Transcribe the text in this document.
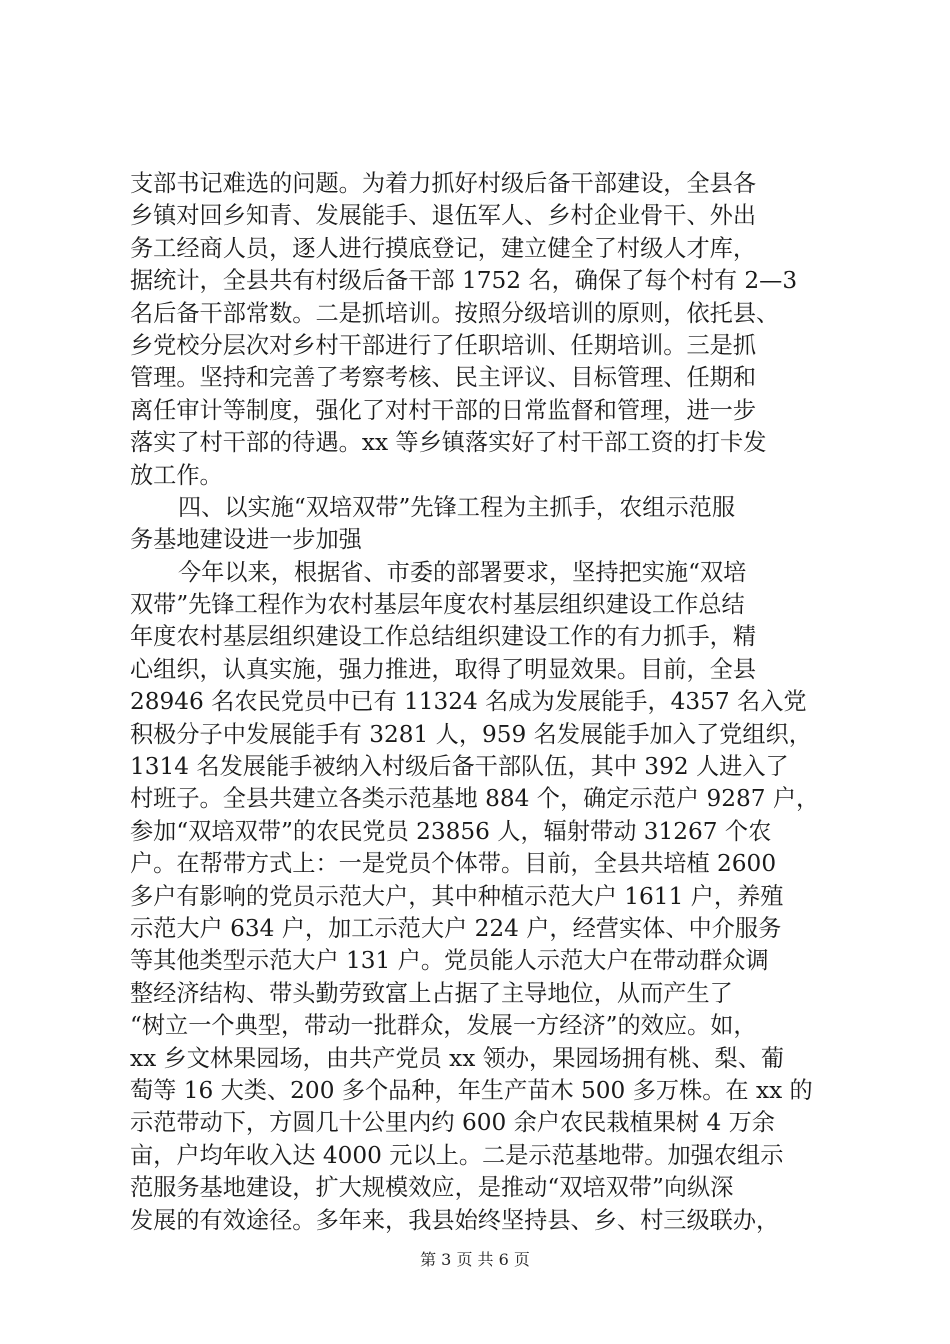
支部书记难选的问题。为着力抓好村级后备干部建设，全县各
乡镇对回乡知青、发展能手、退伍军人、乡村企业骨干、外出
务工经商人员，逐人进行摸底登记，建立健全了村级人才库，
据统计，全县共有村级后备干部 1752 名，确保了每个村有 2—3
名后备干部常数。二是抓培训。按照分级培训的原则，依托县、
乡党校分层次对乡村干部进行了任职培训、任期培训。三是抓
管理。坚持和完善了考察考核、民主评议、目标管理、任期和
离任审计等制度，强化了对村干部的日常监督和管理，进一步
落实了村干部的待遇。xx 等乡镇落实好了村干部工资的打卡发
放工作。
四、以实施“双培双带”先锋工程为主抓手，农组示范服
务基地建设进一步加强
今年以来，根据省、市委的部署要求，坚持把实施“双培
双带”先锋工程作为农村基层年度农村基层组织建设工作总结
年度农村基层组织建设工作总结组织建设工作的有力抓手，精
心组织，认真实施，强力推进，取得了明显效果。目前，全县
28946 名农民党员中已有 11324 名成为发展能手，4357 名入党
积极分子中发展能手有 3281 人，959 名发展能手加入了党组织，
1314 名发展能手被纳入村级后备干部队伍，其中 392 人进入了
村班子。全县共建立各类示范基地 884 个，确定示范户 9287 户，
参加“双培双带”的农民党员 23856 人，辐射带动 31267 个农
户。在帮带方式上：一是党员个体带。目前，全县共培植 2600
多户有影响的党员示范大户，其中种植示范大户 1611 户，养殖
示范大户 634 户，加工示范大户 224 户，经营实体、中介服务
等其他类型示范大户 131 户。党员能人示范大户在带动群众调
整经济结构、带头勤劳致富上占据了主导地位，从而产生了
“树立一个典型，带动一批群众，发展一方经济”的效应。如，
xx 乡文林果园场，由共产党员 xx 领办，果园场拥有桃、梨、葡
萄等 16 大类、200 多个品种，年生产苗木 500 多万株。在 xx 的
示范带动下，方圆几十公里内约 600 余户农民栽植果树 4 万余
亩，户均年收入达 4000 元以上。二是示范基地带。加强农组示
范服务基地建设，扩大规模效应，是推动“双培双带”向纵深
发展的有效途径。多年来，我县始终坚持县、乡、村三级联办，
第 3 页 共 6 页
